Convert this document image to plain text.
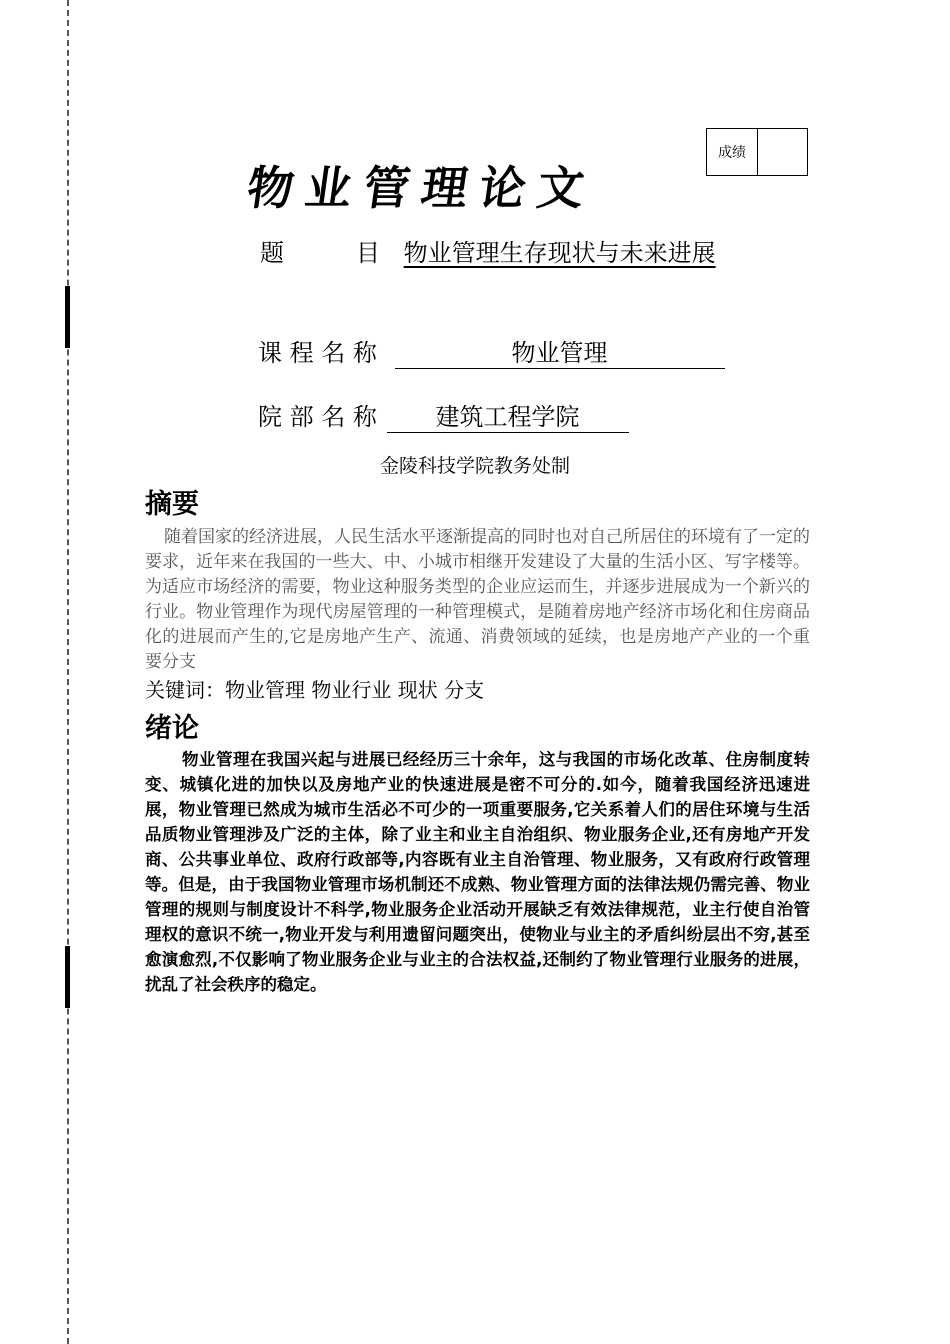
成绩
物业管理论文
题　　　目 物业管理生存现状与未来进展
课 程 名 称	物业管理
院 部 名 称 建筑工程学院
金陵科技学院教务处制
摘要
随着国家的经济进展，人民生活水平逐渐提高的同时也对自己所居住的环境有了一定的要求，近年来在我国的一些大、中、小城市相继开发建设了大量的生活小区、写字楼等。为适应市场经济的需要，物业这种服务类型的企业应运而生，并逐步进展成为一个新兴的行业。物业管理作为现代房屋管理的一种管理模式，是随着房地产经济市场化和住房商品化的进展而产生的,它是房地产生产、流通、消费领域的延续，也是房地产产业的一个重要分支
关键词：物业管理 物业行业 现状 分支
绪论
物业管理在我国兴起与进展已经经历三十余年，这与我国的市场化改革、住房制度转变、城镇化进的加快以及房地产业的快速进展是密不可分的.如今，随着我国经济迅速进展，物业管理已然成为城市生活必不可少的一项重要服务,它关系着人们的居住环境与生活品质物业管理涉及广泛的主体，除了业主和业主自治组织、物业服务企业,还有房地产开发商、公共事业单位、政府行政部等,内容既有业主自治管理、物业服务，又有政府行政管理等。但是，由于我国物业管理市场机制还不成熟、物业管理方面的法律法规仍需完善、物业管理的规则与制度设计不科学,物业服务企业活动开展缺乏有效法律规范，业主行使自治管理权的意识不统一,物业开发与利用遗留问题突出，使物业与业主的矛盾纠纷层出不穷,甚至愈演愈烈,不仅影响了物业服务企业与业主的合法权益,还制约了物业管理行业服务的进展，扰乱了社会秩序的稳定。
